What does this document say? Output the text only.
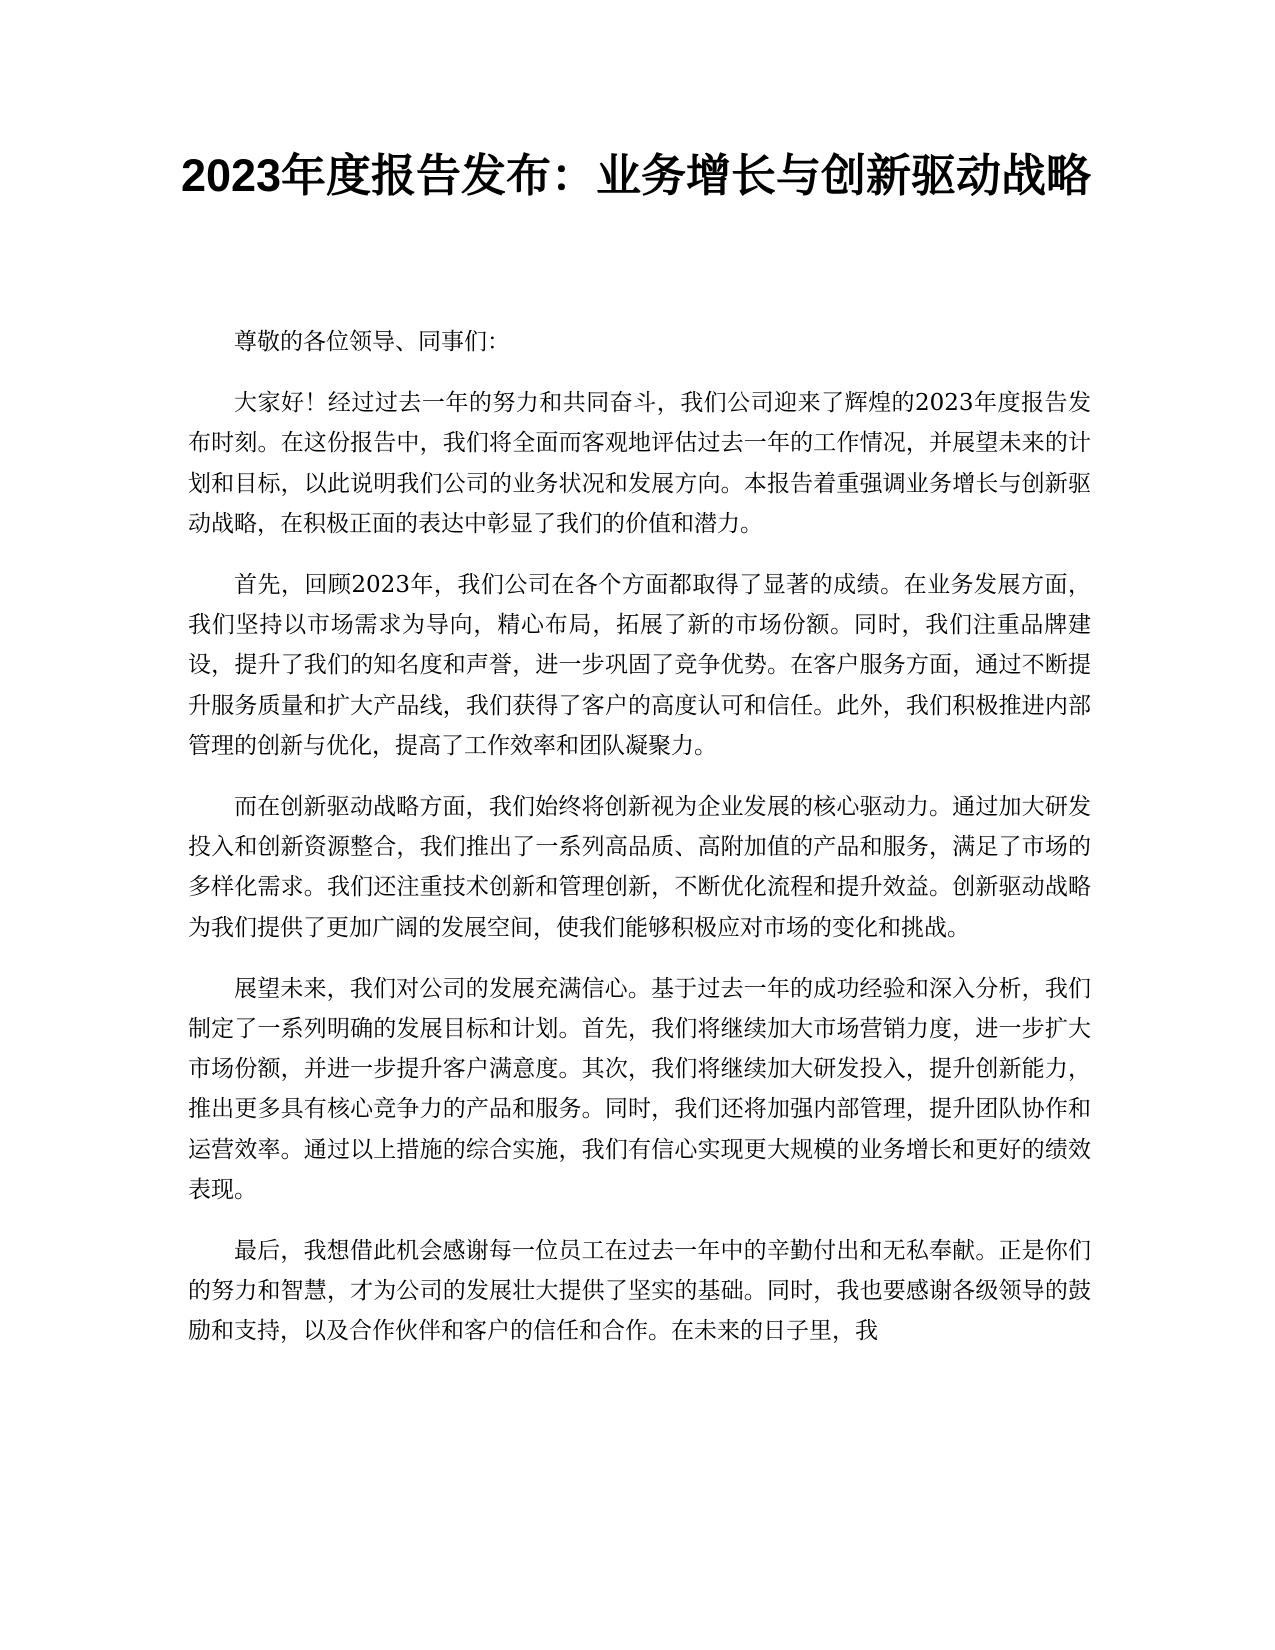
2023年度报告发布：业务增长与创新驱动战略

尊敬的各位领导、同事们：

大家好！经过过去一年的努力和共同奋斗，我们公司迎来了辉煌的2023年度报告发布时刻。在这份报告中，我们将全面而客观地评估过去一年的工作情况，并展望未来的计划和目标，以此说明我们公司的业务状况和发展方向。本报告着重强调业务增长与创新驱动战略，在积极正面的表达中彰显了我们的价值和潜力。

首先，回顾2023年，我们公司在各个方面都取得了显著的成绩。在业务发展方面，我们坚持以市场需求为导向，精心布局，拓展了新的市场份额。同时，我们注重品牌建设，提升了我们的知名度和声誉，进一步巩固了竞争优势。在客户服务方面，通过不断提升服务质量和扩大产品线，我们获得了客户的高度认可和信任。此外，我们积极推进内部管理的创新与优化，提高了工作效率和团队凝聚力。

而在创新驱动战略方面，我们始终将创新视为企业发展的核心驱动力。通过加大研发投入和创新资源整合，我们推出了一系列高品质、高附加值的产品和服务，满足了市场的多样化需求。我们还注重技术创新和管理创新，不断优化流程和提升效益。创新驱动战略为我们提供了更加广阔的发展空间，使我们能够积极应对市场的变化和挑战。

展望未来，我们对公司的发展充满信心。基于过去一年的成功经验和深入分析，我们制定了一系列明确的发展目标和计划。首先，我们将继续加大市场营销力度，进一步扩大市场份额，并进一步提升客户满意度。其次，我们将继续加大研发投入，提升创新能力，推出更多具有核心竞争力的产品和服务。同时，我们还将加强内部管理，提升团队协作和运营效率。通过以上措施的综合实施，我们有信心实现更大规模的业务增长和更好的绩效表现。

最后，我想借此机会感谢每一位员工在过去一年中的辛勤付出和无私奉献。正是你们的努力和智慧，才为公司的发展壮大提供了坚实的基础。同时，我也要感谢各级领导的鼓励和支持，以及合作伙伴和客户的信任和合作。在未来的日子里，我
